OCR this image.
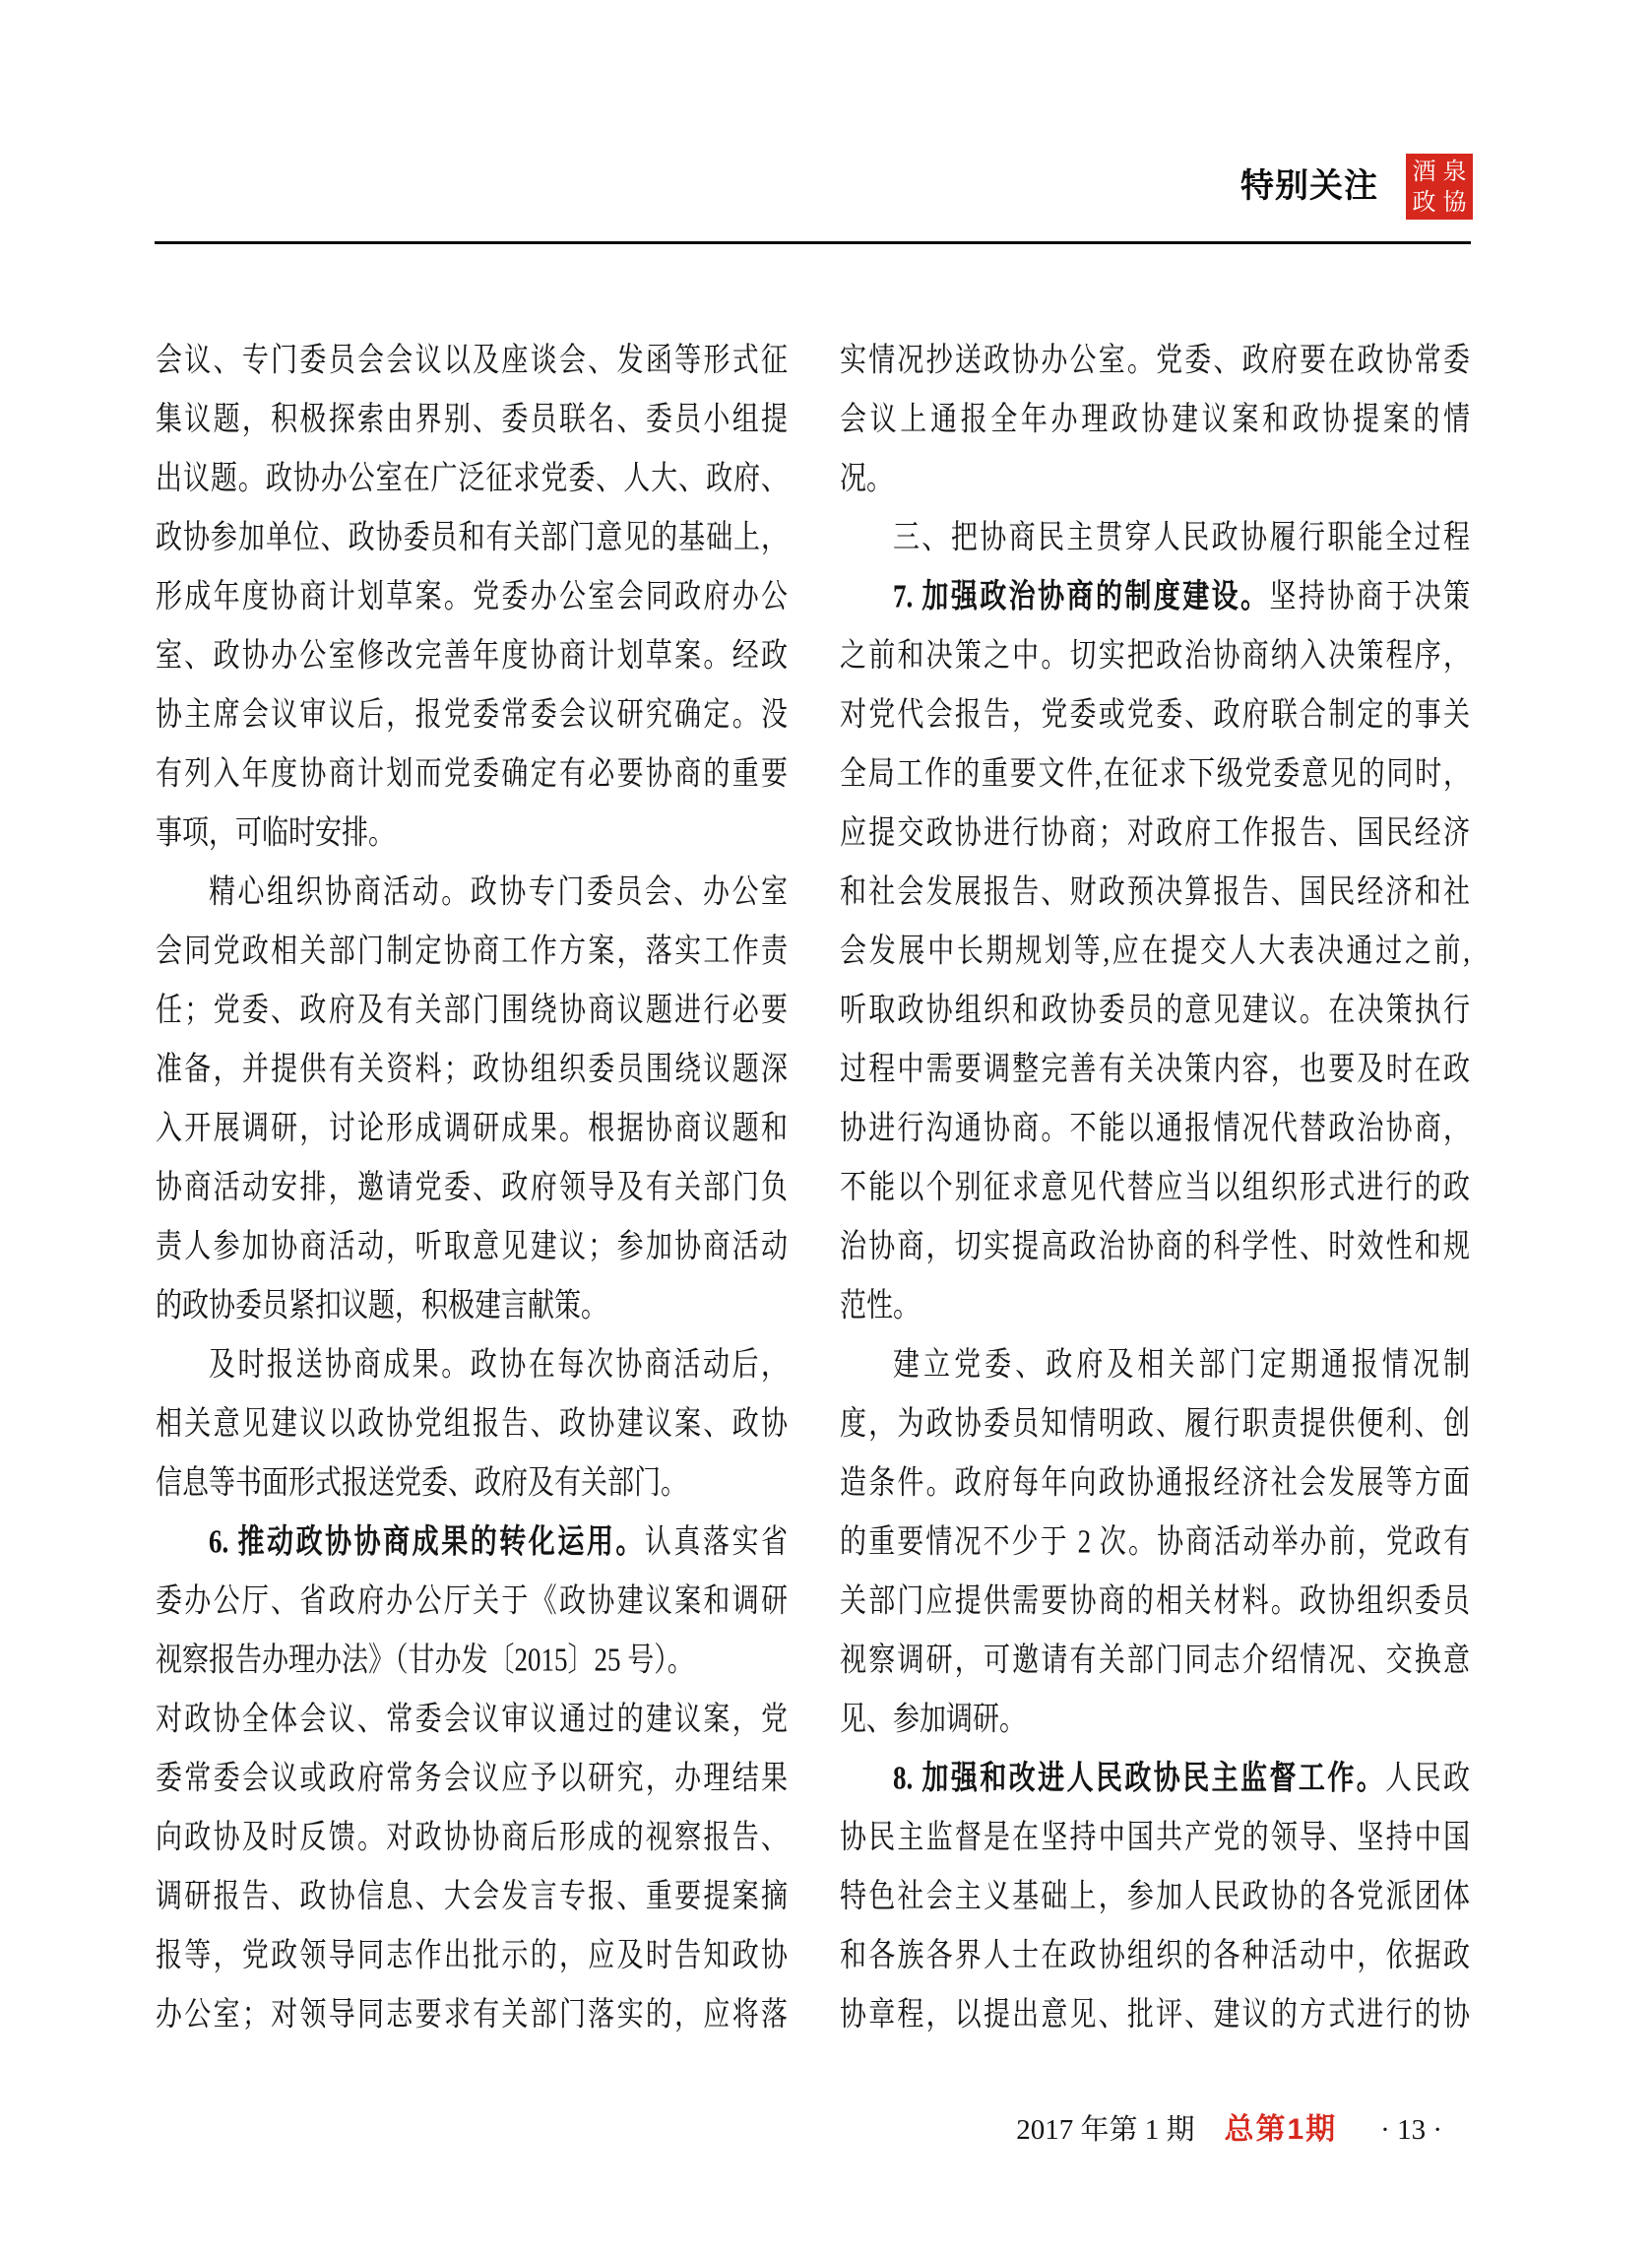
特别关注 酒 泉
政 協
会议、专门委员会会议以及座谈会、发函等形式征
集议题，积极探索由界别、委员联名、委员小组提
出议题。政协办公室在广泛征求党委、人大、政府、
政协参加单位、政协委员和有关部门意见的基础上，
形成年度协商计划草案。党委办公室会同政府办公
室、政协办公室修改完善年度协商计划草案。经政
协主席会议审议后，报党委常委会议研究确定。没
有列入年度协商计划而党委确定有必要协商的重要
事项，可临时安排。
精心组织协商活动。政协专门委员会、办公室
会同党政相关部门制定协商工作方案，落实工作责
任；党委、政府及有关部门围绕协商议题进行必要
准备，并提供有关资料；政协组织委员围绕议题深
入开展调研，讨论形成调研成果。根据协商议题和
协商活动安排，邀请党委、政府领导及有关部门负
责人参加协商活动，听取意见建议；参加协商活动
的政协委员紧扣议题，积极建言献策。
及时报送协商成果。政协在每次协商活动后，
相关意见建议以政协党组报告、政协建议案、政协
信息等书面形式报送党委、政府及有关部门。
6. 推动政协协商成果的转化运用。认真落实省
委办公厅、省政府办公厅关于《政协建议案和调研
视察报告办理办法》（甘办发〔2015〕25 号）。
对政协全体会议、常委会议审议通过的建议案，党
委常委会议或政府常务会议应予以研究，办理结果
向政协及时反馈。对政协协商后形成的视察报告、
调研报告、政协信息、大会发言专报、重要提案摘
报等，党政领导同志作出批示的，应及时告知政协
办公室；对领导同志要求有关部门落实的，应将落
实情况抄送政协办公室。党委、政府要在政协常委
会议上通报全年办理政协建议案和政协提案的情
况。
三、把协商民主贯穿人民政协履行职能全过程
7. 加强政治协商的制度建设。坚持协商于决策
之前和决策之中。切实把政治协商纳入决策程序，
对党代会报告，党委或党委、政府联合制定的事关
全局工作的重要文件,在征求下级党委意见的同时，
应提交政协进行协商；对政府工作报告、国民经济
和社会发展报告、财政预决算报告、国民经济和社
会发展中长期规划等,应在提交人大表决通过之前,
听取政协组织和政协委员的意见建议。在决策执行
过程中需要调整完善有关决策内容，也要及时在政
协进行沟通协商。不能以通报情况代替政治协商，
不能以个别征求意见代替应当以组织形式进行的政
治协商，切实提高政治协商的科学性、时效性和规
范性。
建立党委、政府及相关部门定期通报情况制
度，为政协委员知情明政、履行职责提供便利、创
造条件。政府每年向政协通报经济社会发展等方面
的重要情况不少于 2 次。协商活动举办前，党政有
关部门应提供需要协商的相关材料。政协组织委员
视察调研，可邀请有关部门同志介绍情况、交换意
见、参加调研。
8. 加强和改进人民政协民主监督工作。人民政
协民主监督是在坚持中国共产党的领导、坚持中国
特色社会主义基础上，参加人民政协的各党派团体
和各族各界人士在政协组织的各种活动中，依据政
协章程，以提出意见、批评、建议的方式进行的协
2017 年第 1 期 总第1期 · 13 ·
